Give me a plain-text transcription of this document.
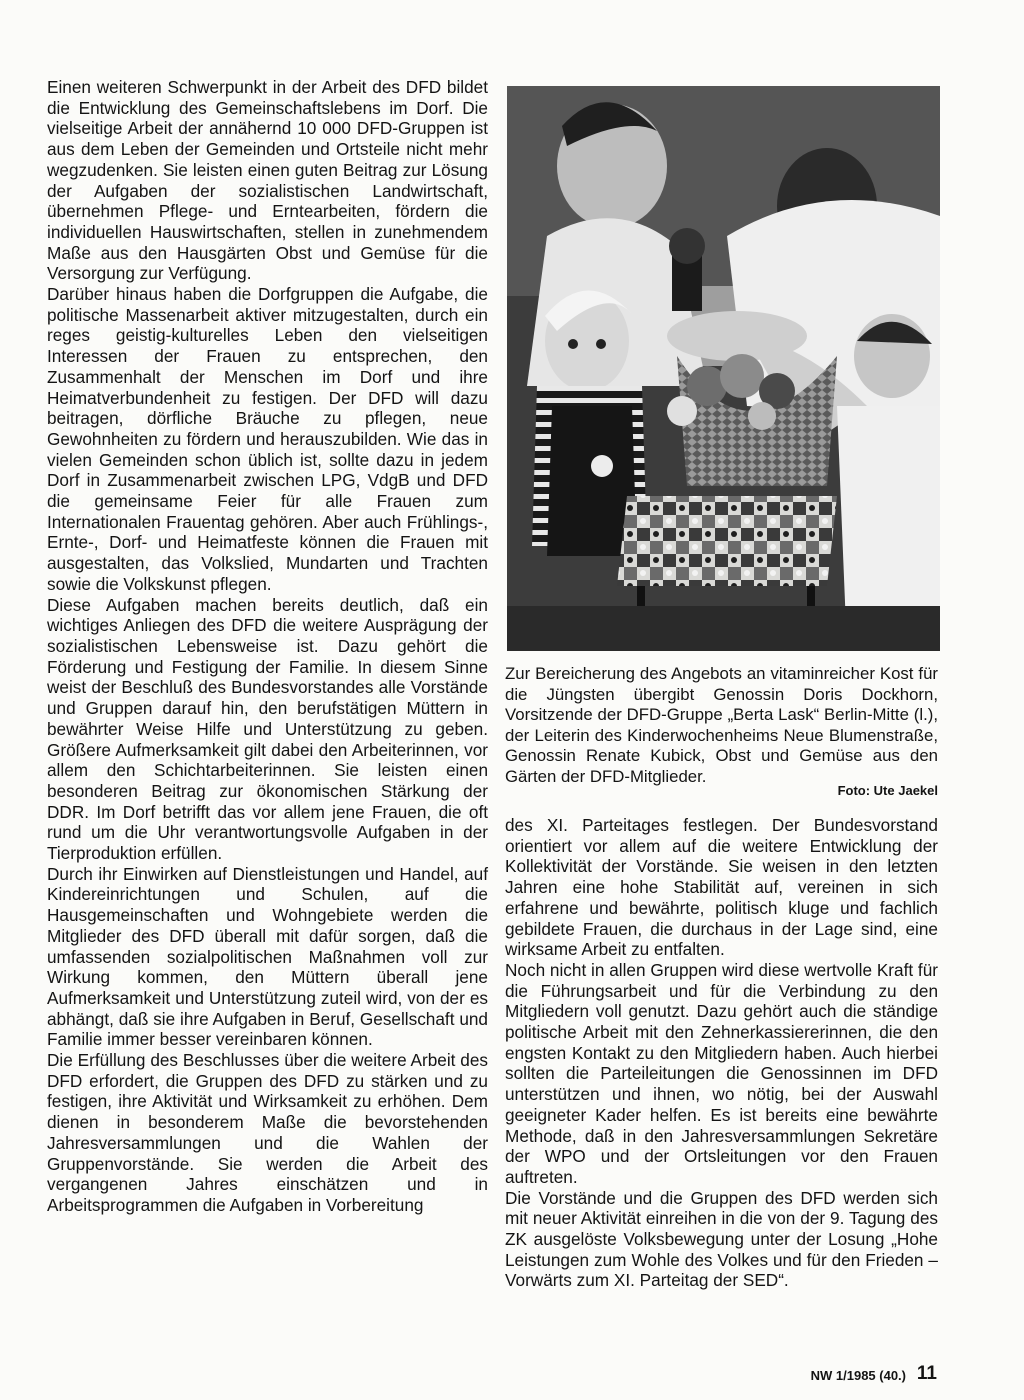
Einen weiteren Schwerpunkt in der Arbeit des DFD bildet die Entwicklung des Gemeinschaftslebens im Dorf. Die vielseitige Arbeit der annähernd 10 000 DFD-Gruppen ist aus dem Leben der Gemeinden und Ortsteile nicht mehr wegzudenken. Sie leisten einen guten Beitrag zur Lösung der Aufgaben der sozialistischen Landwirtschaft, übernehmen Pflege- und Erntearbeiten, fördern die individuellen Hauswirtschaften, stellen in zunehmendem Maße aus den Hausgärten Obst und Gemüse für die Versorgung zur Verfügung.

Darüber hinaus haben die Dorfgruppen die Aufgabe, die politische Massenarbeit aktiver mitzugestalten, durch ein reges geistig-kulturelles Leben den vielseitigen Interessen der Frauen zu entsprechen, den Zusammenhalt der Menschen im Dorf und ihre Heimatverbundenheit zu festigen. Der DFD will dazu beitragen, dörfliche Bräuche zu pflegen, neue Gewohnheiten zu fördern und herauszubilden. Wie das in vielen Gemeinden schon üblich ist, sollte dazu in jedem Dorf in Zusammenarbeit zwischen LPG, VdgB und DFD die gemeinsame Feier für alle Frauen zum Internationalen Frauentag gehören. Aber auch Frühlings-, Ernte-, Dorf- und Heimatfeste können die Frauen mit ausgestalten, das Volkslied, Mundarten und Trachten sowie die Volkskunst pflegen.

Diese Aufgaben machen bereits deutlich, daß ein wichtiges Anliegen des DFD die weitere Ausprägung der sozialistischen Lebensweise ist. Dazu gehört die Förderung und Festigung der Familie. In diesem Sinne weist der Beschluß des Bundesvorstandes alle Vorstände und Gruppen darauf hin, den berufstätigen Müttern in bewährter Weise Hilfe und Unterstützung zu geben. Größere Aufmerksamkeit gilt dabei den Arbeiterinnen, vor allem den Schichtarbeiterinnen. Sie leisten einen besonderen Beitrag zur ökonomischen Stärkung der DDR. Im Dorf betrifft das vor allem jene Frauen, die oft rund um die Uhr verantwortungsvolle Aufgaben in der Tierproduktion erfüllen.

Durch ihr Einwirken auf Dienstleistungen und Handel, auf Kindereinrichtungen und Schulen, auf die Hausgemeinschaften und Wohngebiete werden die Mitglieder des DFD überall mit dafür sorgen, daß die umfassenden sozialpolitischen Maßnahmen voll zur Wirkung kommen, den Müttern überall jene Aufmerksamkeit und Unterstützung zuteil wird, von der es abhängt, daß sie ihre Aufgaben in Beruf, Gesellschaft und Familie immer besser vereinbaren können.

Die Erfüllung des Beschlusses über die weitere Arbeit des DFD erfordert, die Gruppen des DFD zu stärken und zu festigen, ihre Aktivität und Wirksamkeit zu erhöhen. Dem dienen in besonderem Maße die bevorstehenden Jahresversammlungen und die Wahlen der Gruppenvorstände. Sie werden die Arbeit des vergangenen Jahres einschätzen und in Arbeitsprogrammen die Aufgaben in Vorbereitung

Zur Bereicherung des Angebots an vitaminreicher Kost für die Jüngsten übergibt Genossin Doris Dockhorn, Vorsitzende der DFD-Gruppe „Berta Lask“ Berlin-Mitte (l.), der Leiterin des Kinderwochenheims Neue Blumenstraße, Genossin Renate Kubick, Obst und Gemüse aus den Gärten der DFD-Mitglieder.
Foto: Ute Jaekel

des XI. Parteitages festlegen. Der Bundesvorstand orientiert vor allem auf die weitere Entwicklung der Kollektivität der Vorstände. Sie weisen in den letzten Jahren eine hohe Stabilität auf, vereinen in sich erfahrene und bewährte, politisch kluge und fachlich gebildete Frauen, die durchaus in der Lage sind, eine wirksame Arbeit zu entfalten.

Noch nicht in allen Gruppen wird diese wertvolle Kraft für die Führungsarbeit und für die Verbindung zu den Mitgliedern voll genutzt. Dazu gehört auch die ständige politische Arbeit mit den Zehnerkassiererinnen, die den engsten Kontakt zu den Mitgliedern haben. Auch hierbei sollten die Parteileitungen die Genossinnen im DFD unterstützen und ihnen, wo nötig, bei der Auswahl geeigneter Kader helfen. Es ist bereits eine bewährte Methode, daß in den Jahresversammlungen Sekretäre der WPO und der Ortsleitungen vor den Frauen auftreten.

Die Vorstände und die Gruppen des DFD werden sich mit neuer Aktivität einreihen in die von der 9. Tagung des ZK ausgelöste Volksbewegung unter der Losung „Hohe Leistungen zum Wohle des Volkes und für den Frieden – Vorwärts zum XI. Parteitag der SED“.

NW 1/1985 (40.) 11
